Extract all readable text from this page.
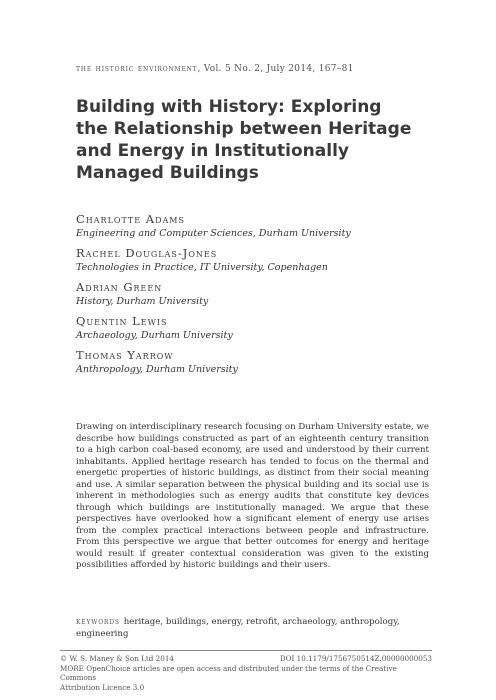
the historic environment, Vol. 5 No. 2, July 2014, 167–81
Building with History: Exploring the Relationship between Heritage and Energy in Institutionally Managed Buildings
Charlotte Adams
Engineering and Computer Sciences, Durham University
Rachel Douglas-Jones
Technologies in Practice, IT University, Copenhagen
Adrian Green
History, Durham University
Quentin Lewis
Archaeology, Durham University
Thomas Yarrow
Anthropology, Durham University
Drawing on interdisciplinary research focusing on Durham University estate, we describe how buildings constructed as part of an eighteenth century transition to a high carbon coal-based economy, are used and understood by their current inhabitants. Applied heritage research has tended to focus on the thermal and energetic properties of historic buildings, as distinct from their social meaning and use. A similar separation between the physical building and its social use is inherent in methodologies such as energy audits that constitute key devices through which buildings are institutionally managed. We argue that these perspectives have overlooked how a significant element of energy use arises from the complex practical interactions between people and infrastructure. From this perspective we argue that better outcomes for energy and heritage would result if greater contextual consideration was given to the existing possibilities afforded by historic buildings and their users.
keywords heritage, buildings, energy, retrofit, archaeology, anthropology, engineering
© W. S. Maney & Son Ltd 2014	DOI 10.1179/1756750514Z.00000000053
MORE OpenChoice articles are open access and distributed under the terms of the Creative Commons
Attribution Licence 3.0
